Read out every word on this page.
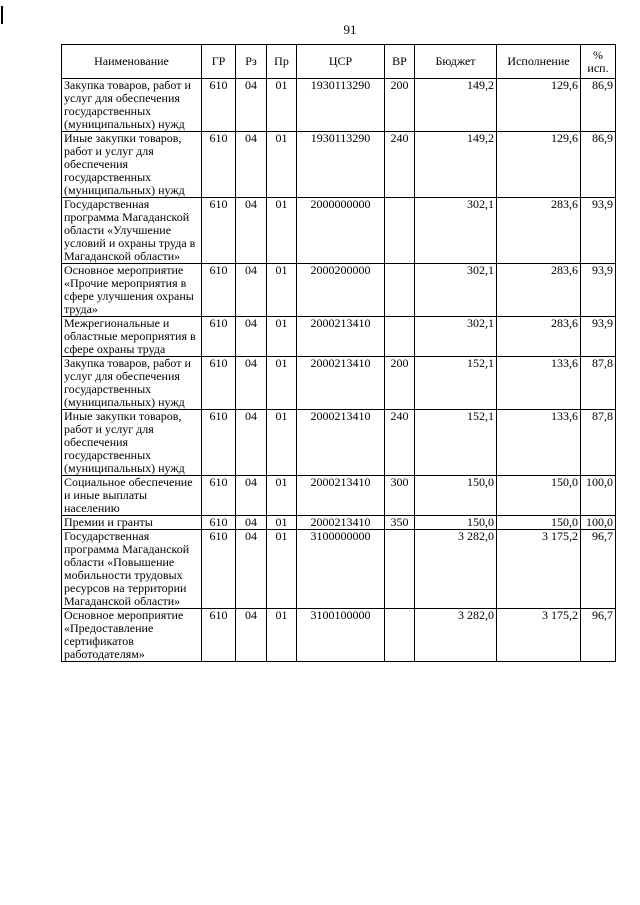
91
Наименование	ГР	Рз	Пр	ЦСР	ВР	Бюджет	Исполнение	% исп.
Закупка товаров, работ и услуг для обеспечения государственных (муниципальных) нужд	610	04	01	1930113290	200	149,2	129,6	86,9
Иные закупки товаров, работ и услуг для обеспечения государственных (муниципальных) нужд	610	04	01	1930113290	240	149,2	129,6	86,9
Государственная программа Магаданской области «Улучшение условий и охраны труда в Магаданской области»	610	04	01	2000000000		302,1	283,6	93,9
Основное мероприятие «Прочие мероприятия в сфере улучшения охраны труда»	610	04	01	2000200000		302,1	283,6	93,9
Межрегиональные и областные мероприятия в сфере охраны труда	610	04	01	2000213410		302,1	283,6	93,9
Закупка товаров, работ и услуг для обеспечения государственных (муниципальных) нужд	610	04	01	2000213410	200	152,1	133,6	87,8
Иные закупки товаров, работ и услуг для обеспечения государственных (муниципальных) нужд	610	04	01	2000213410	240	152,1	133,6	87,8
Социальное обеспечение и иные выплаты населению	610	04	01	2000213410	300	150,0	150,0	100,0
Премии и гранты	610	04	01	2000213410	350	150,0	150,0	100,0
Государственная программа Магаданской области «Повышение мобильности трудовых ресурсов на территории Магаданской области»	610	04	01	3100000000		3 282,0	3 175,2	96,7
Основное мероприятие «Предоставление сертификатов работодателям»	610	04	01	3100100000		3 282,0	3 175,2	96,7
